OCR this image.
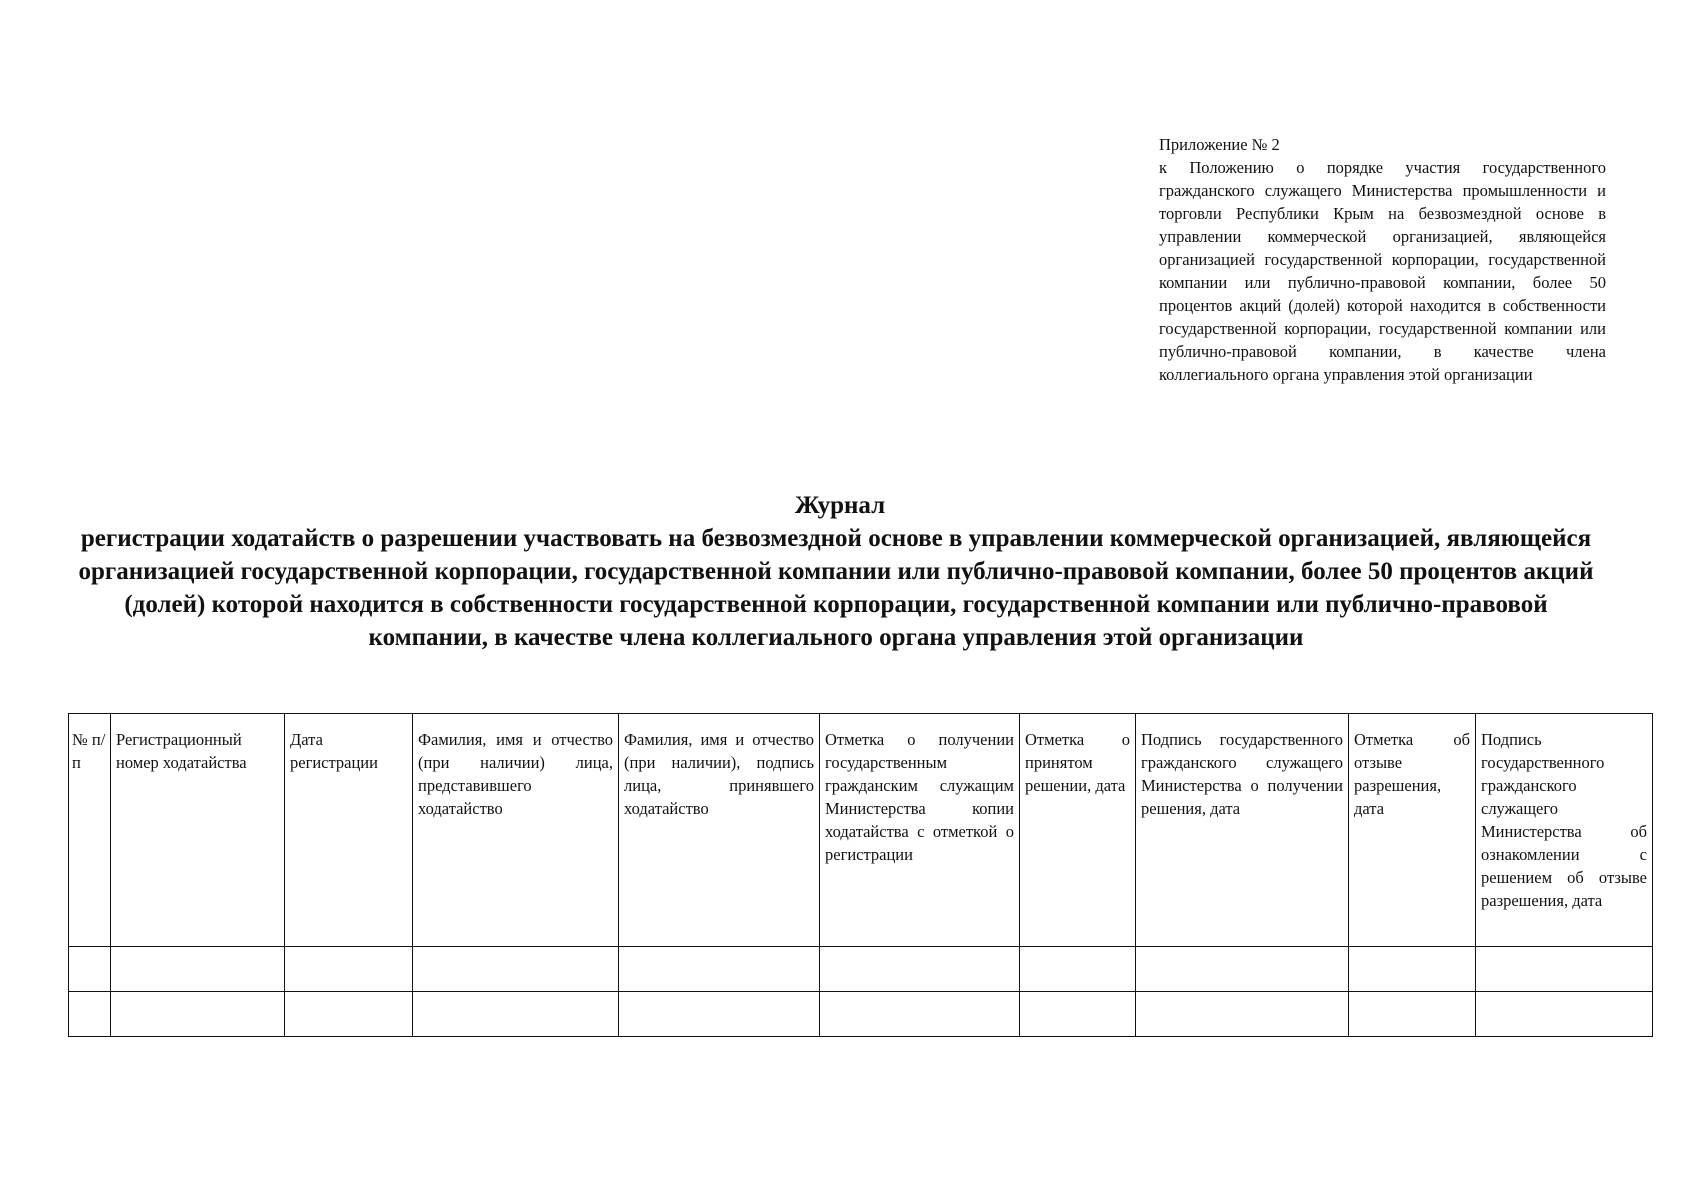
Приложение № 2
к Положению о порядке участия государственного гражданского служащего Министерства промышленности и торговли Республики Крым на безвозмездной основе в управлении коммерческой организацией, являющейся организацией государственной корпорации, государственной компании или публично-правовой компании, более 50 процентов акций (долей) которой находится в собственности государственной корпорации, государственной компании или публично-правовой компании, в качестве члена коллегиального органа управления этой организации
Журнал
регистрации ходатайств о разрешении участвовать на безвозмездной основе в управлении коммерческой организацией, являющейся организацией государственной корпорации, государственной компании или публично-правовой компании, более 50 процентов акций (долей) которой находится в собственности государственной корпорации, государственной компании или публично-правовой компании, в качестве члена коллегиального органа управления этой организации
№ п/п	Регистрационный номер ходатайства	Дата регистрации	Фамилия, имя и отчество (при наличии) лица, представившего ходатайство	Фамилия, имя и отчество (при наличии), подпись лица, принявшего ходатайство	Отметка о получении государственным гражданским служащим Министерства копии ходатайства с отметкой о регистрации	Отметка о принятом решении, дата	Подпись государственного гражданского служащего Министерства о получении решения, дата	Отметка об отзыве разрешения, дата	Подпись государственного гражданского служащего Министерства об ознакомлении с решением об отзыве разрешения, дата
